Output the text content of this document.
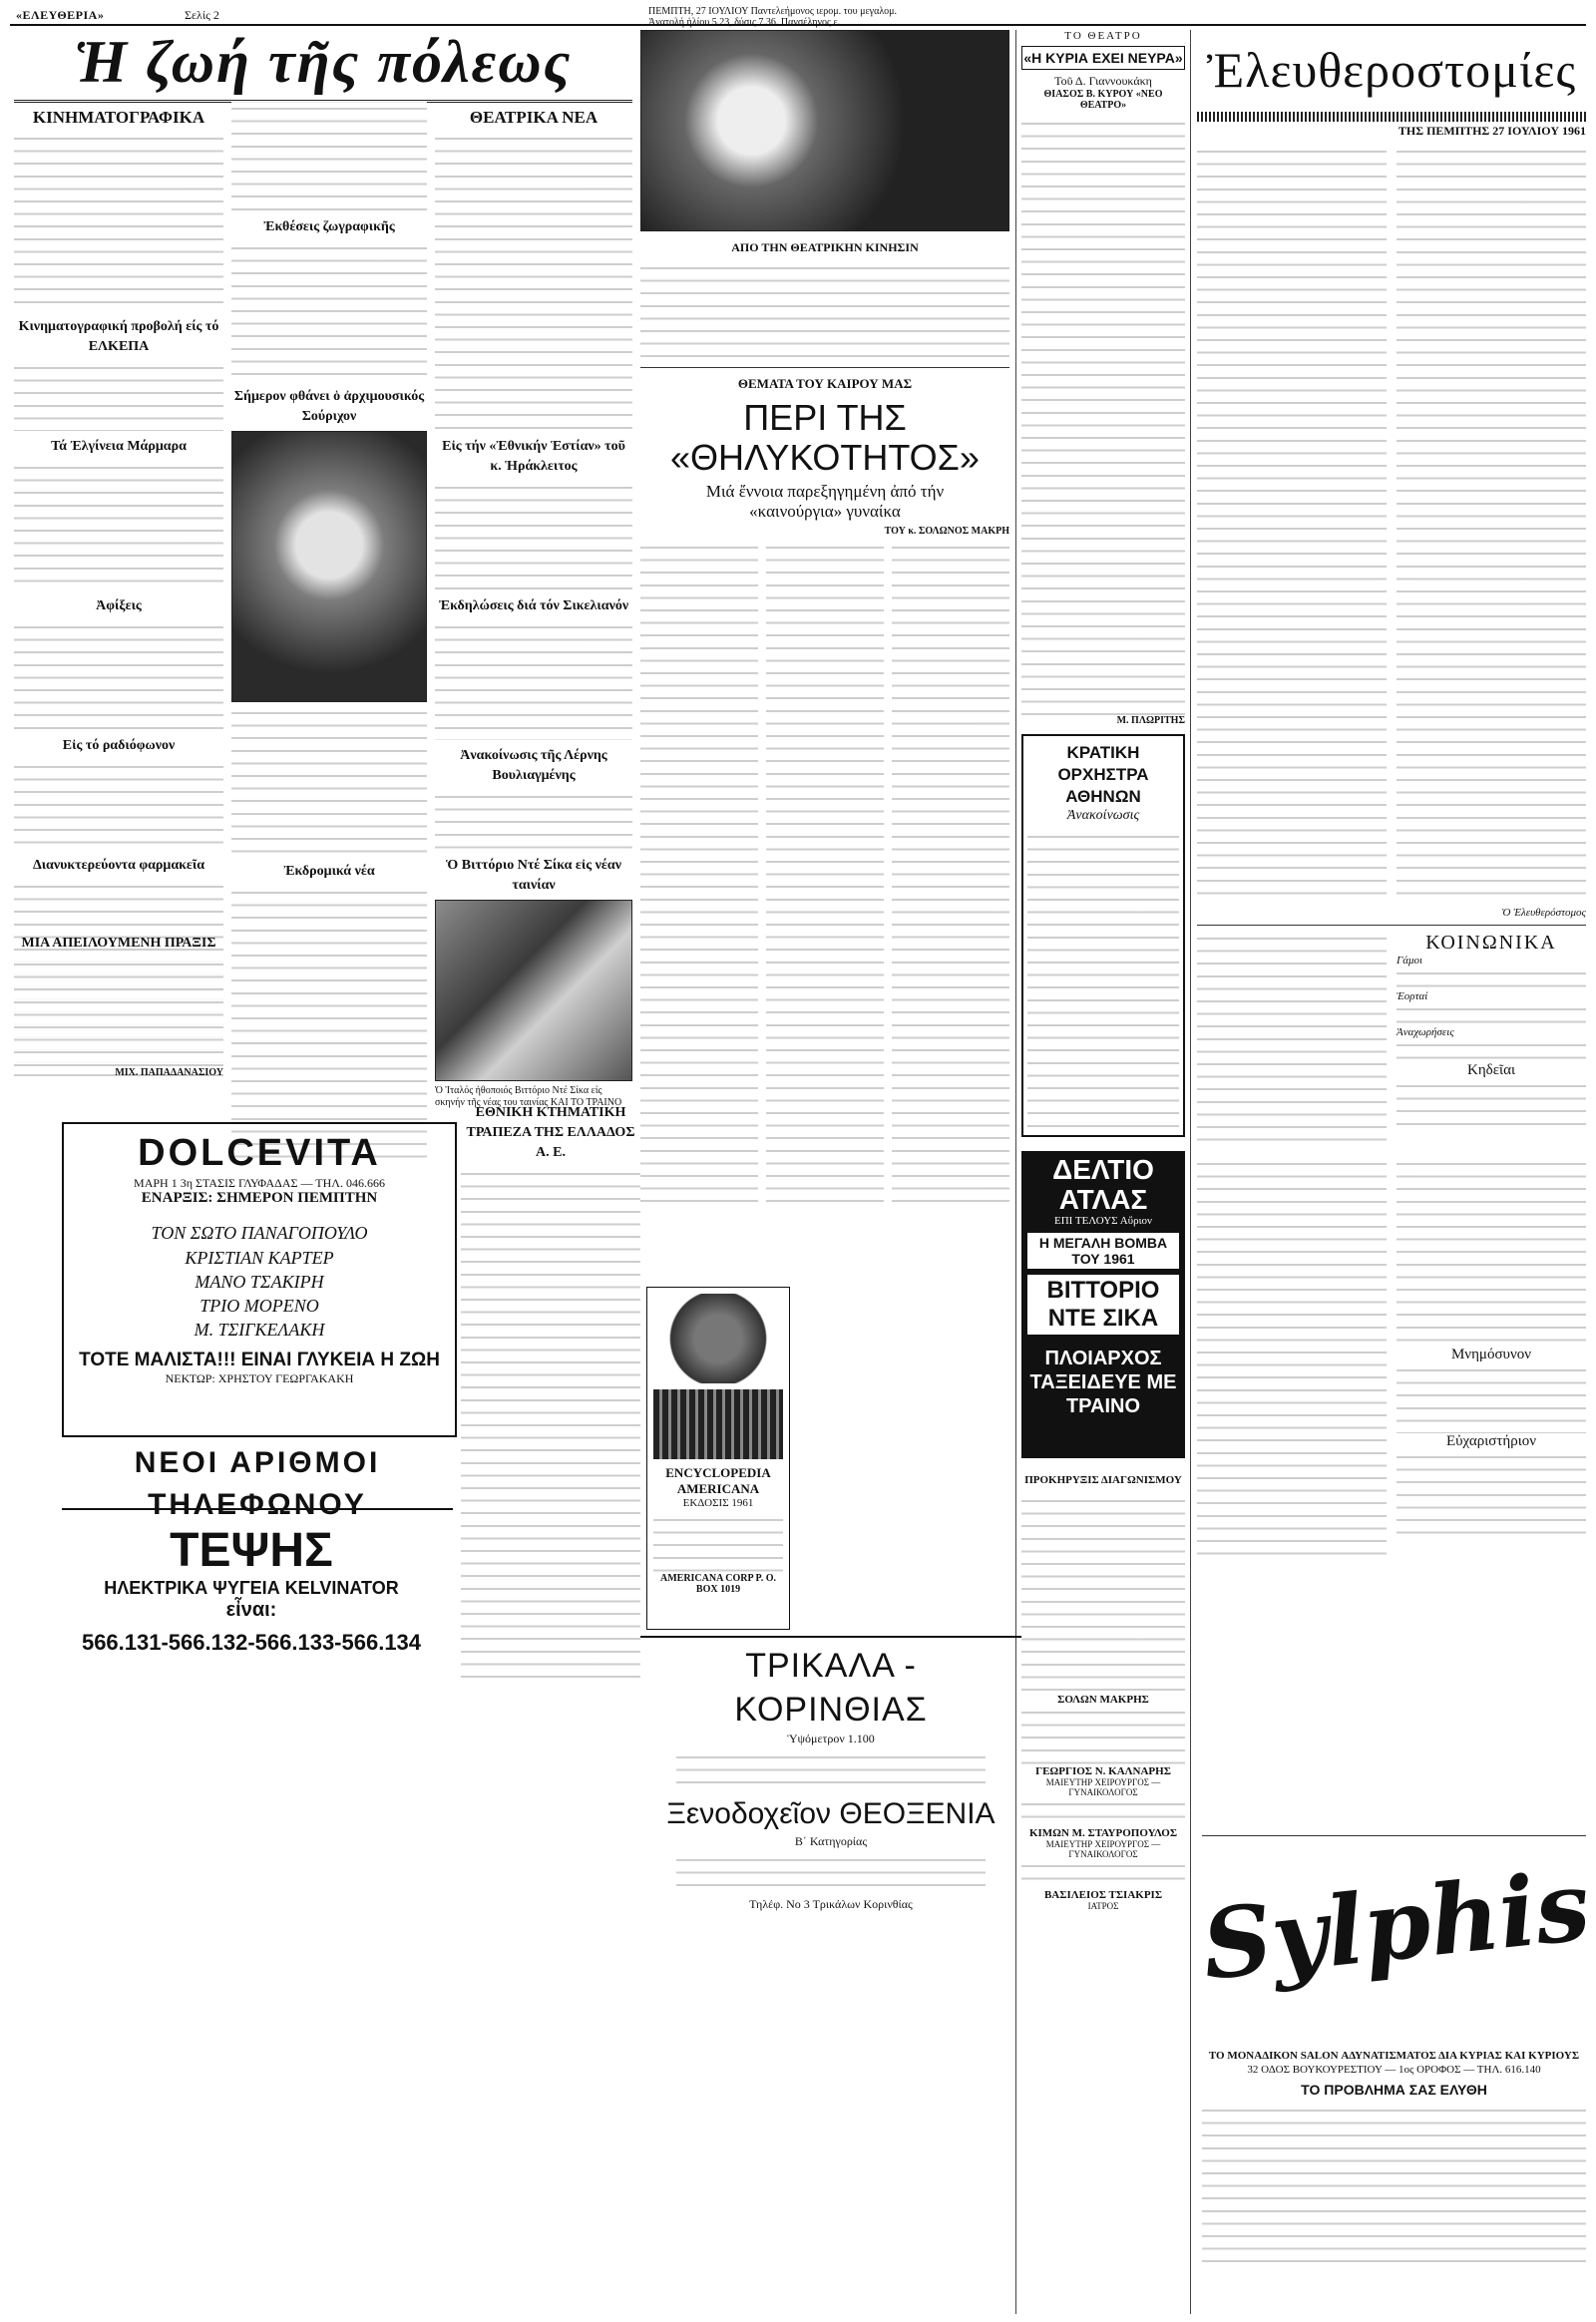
«ΕΛΕΥΘΕΡΙΑ»	Σελίς 2	ΠΕΜΠΤΗ, 27 ΙΟΥΛΙΟΥ Παντελεήμονος ιερομ. του μεγαλομ.
Ἀνατολή ἡλίου 5.23, δύσις 7.36. Πανσέληνος ε.
Ἡ ζωή τῆς πόλεως
ΚΙΝΗΜΑΤΟΓΡΑΦΙΚΑ
Κινηματογραφική προβολή είς τό ΕΛΚΕΠΑ
Τά Ἐλγίνεια Μάρμαρα
Ἀφίξεις
Εἰς τό ραδιόφωνον
Διανυκτερεύοντα φαρμακεῖα
ΜΙΑ ΑΠΕΙΛΟΥΜΕΝΗ ΠΡΑΞΙΣ
ΜΙΧ. ΠΑΠΑΔΑΝΑΣΙΟΥ
Ἐκθέσεις ζωγραφικῆς
Σήμερον φθάνει ὁ ἀρχιμουσικός Σούριχον
Ἐκδρομικά νέα
ΘΕΑΤΡΙΚΑ ΝΕΑ
Εἰς τήν «Ἐθνικήν Ἑστίαν» τοῦ κ. Ἡράκλειτος
Ἐκδηλώσεις διά τόν Σικελιανόν
Ἀνακοίνωσις τῆς Λέρνης Βουλιαγμένης
Ὁ Βιττόριο Ντέ Σίκα εἰς νέαν ταινίαν
Ὁ Ἰταλός ἠθοποιός Βιττόριο Ντέ Σίκα εἰς σκηνήν τῆς νέας του ταινίας ΚΑΙ ΤΟ ΤΡΑΙΝΟ
DOLCEVITA
ΜΑΡΗ 1 3η ΣΤΑΣΙΣ ΓΛΥΦΑΔΑΣ — ΤΗΛ. 046.666
ΕΝΑΡΞΙΣ: ΣΗΜΕΡΟΝ ΠΕΜΠΤΗΝ
ΤΟΝ ΣΩΤΟ ΠΑΝΑΓΟΠΟΥΛΟ
ΚΡΙΣΤΙΑΝ ΚΑΡΤΕΡ
ΜΑΝΟ ΤΣΑΚΙΡΗ
ΤΡΙΟ ΜΟΡΕΝΟ
Μ. ΤΣΙΓΚΕΛΑΚΗ
ΤΟΤΕ ΜΑΛΙΣΤΑ!!! ΕΙΝΑΙ ΓΛΥΚΕΙΑ Η ΖΩΗ
ΝΕΚΤΩΡ: ΧΡΗΣΤΟΥ ΓΕΩΡΓΑΚΑΚΗ
ΝΕΟΙ ΑΡΙΘΜΟΙ ΤΗΛΕΦΩΝΟΥ
ΤΕΨΗΣ
ΗΛΕΚΤΡΙΚΑ ΨΥΓΕΙΑ KELVINATOR
εἶναι:
566.131-566.132-566.133-566.134
ΕΘΝΙΚΗ ΚΤΗΜΑΤΙΚΗ ΤΡΑΠΕΖΑ ΤΗΣ ΕΛΛΑΔΟΣ Α. Ε.
ΑΠΟ ΤΗΝ ΘΕΑΤΡΙΚΗΝ ΚΙΝΗΣΙΝ
ΘΕΜΑΤΑ ΤΟΥ ΚΑΙΡΟΥ ΜΑΣ
ΠΕΡΙ ΤΗΣ «ΘΗΛΥΚΟΤΗΤΟΣ»
Μιά ἔννοια παρεξηγημένη ἀπό τήν «καινούργια» γυναίκα
ΤΟΥ κ. ΣΟΛΩΝΟΣ ΜΑΚΡΗ
ENCYCLOPEDIA AMERICANA
ΕΚΔΟΣΙΣ 1961
AMERICANA CORP P. O. BOX 1019
ΤΡΙΚΑΛΑ - ΚΟΡΙΝΘΙΑΣ
Ὑψόμετρον 1.100
Ξενοδοχεῖον ΘΕΟΞΕΝΙΑ
Β΄ Κατηγορίας
Τηλέφ. Νο 3 Τρικάλων Κορινθίας
ΤΟ ΘΕΑΤΡΟ
«Η ΚΥΡΙΑ ΕΧΕΙ ΝΕΥΡΑ»
Τοῦ Δ. Γιαννουκάκη
ΘΙΑΣΟΣ Β. ΚΥΡΟΥ «ΝΕΟ ΘΕΑΤΡΟ»
Μ. ΠΛΩΡΙΤΗΣ
ΚΡΑΤΙΚΗ ΟΡΧΗΣΤΡΑ ΑΘΗΝΩΝ
Ἀνακοίνωσις
ΔΕΛΤΙΟ ΑΤΛΑΣ
ΕΠΙ ΤΕΛΟΥΣ Αὔριον
Η ΜΕΓΑΛΗ ΒΟΜΒΑ ΤΟΥ 1961
ΒΙΤΤΟΡΙΟ ΝΤΕ ΣΙΚΑ
ΠΛΟΙΑΡΧΟΣ ΤΑΞΕΙΔΕΥΕ ΜΕ ΤΡΑΙΝΟ
ΠΡΟΚΗΡΥΞΙΣ ΔΙΑΓΩΝΙΣΜΟΥ
ΣΟΛΩΝ ΜΑΚΡΗΣ
ΓΕΩΡΓΙΟΣ Ν. ΚΑΛΝΑΡΗΣ
ΜΑΙΕΥΤΗΡ ΧΕΙΡΟΥΡΓΟΣ — ΓΥΝΑΙΚΟΛΟΓΟΣ
ΚΙΜΩΝ Μ. ΣΤΑΥΡΟΠΟΥΛΟΣ
ΜΑΙΕΥΤΗΡ ΧΕΙΡΟΥΡΓΟΣ — ΓΥΝΑΙΚΟΛΟΓΟΣ
ΒΑΣΙΛΕΙΟΣ ΤΣΙΑΚΡΙΣ
ΙΑΤΡΟΣ
Ἐλευθεροστομίες
ΤΗΣ ΠΕΜΠΤΗΣ 27 ΙΟΥΛΙΟΥ 1961
Ὁ Ἐλευθερόστομος
ΚΟΙΝΩΝΙΚΑ
Γάμοι
Ἑορταί
Ἀναχωρήσεις
Κηδεῖαι
Μνημόσυνον
Εὐχαριστήριον
Sylphis
ΤΟ ΜΟΝΑΔΙΚΟΝ SALON ΑΔΥΝΑΤΙΣΜΑΤΟΣ ΔΙΑ ΚΥΡΙΑΣ ΚΑΙ ΚΥΡΙΟΥΣ
32 ΟΔΟΣ ΒΟΥΚΟΥΡΕΣΤΙΟΥ — 1ος ΟΡΟΦΟΣ — ΤΗΛ. 616.140
ΤΟ ΠΡΟΒΛΗΜΑ ΣΑΣ ΕΛΥΘΗ
